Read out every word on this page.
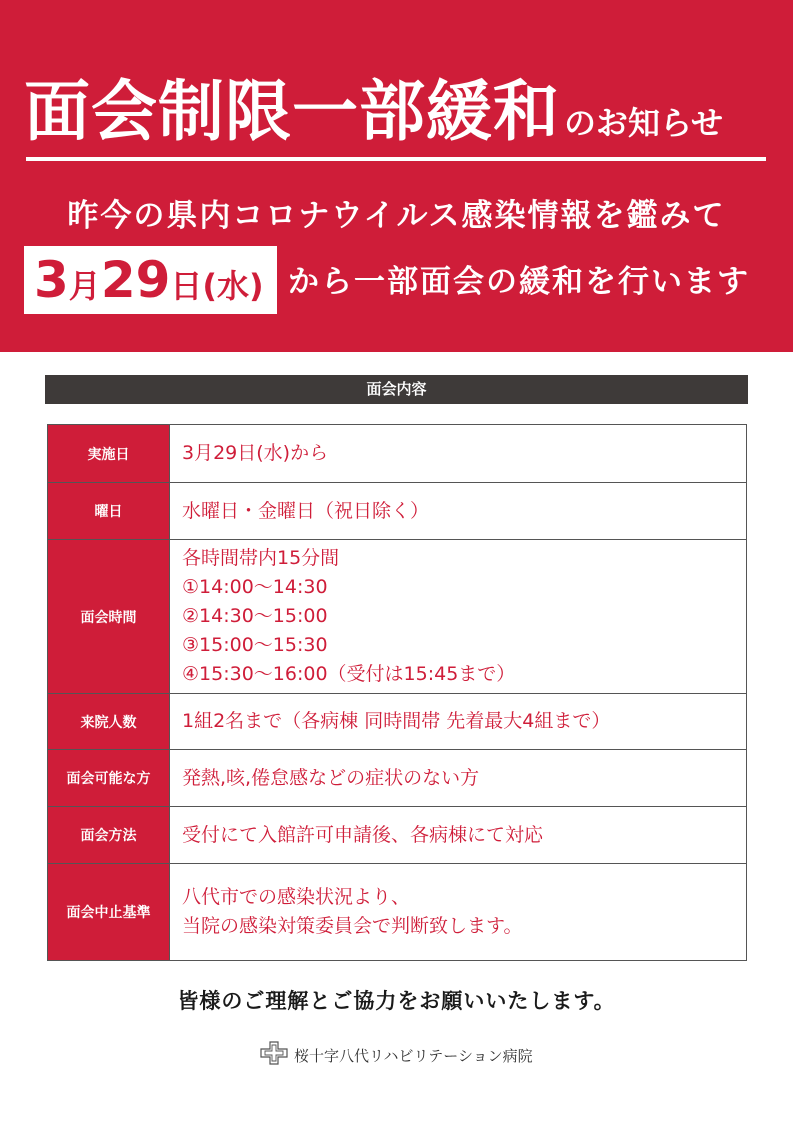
面会制限一部緩和 のお知らせ
昨今の県内コロナウイルス感染情報を鑑みて
3月29日(水) から一部面会の緩和を行います
面会内容
実施日	3月29日(水)から

曜日	水曜日・金曜日（祝日除く）

面会時間	各時間帯内15分間
①14:00〜14:30
②14:30〜15:00
③15:00〜15:30
④15:30〜16:00（受付は15:45まで）

来院人数	1組2名まで（各病棟 同時間帯 先着最大4組まで）

面会可能な方	発熱,咳,倦怠感などの症状のない方

面会方法	受付にて入館許可申請後、各病棟にて対応

面会中止基準	八代市での感染状況より、
当院の感染対策委員会で判断致します。
皆様のご理解とご協力をお願いいたします。
桜十字八代リハビリテーション病院
